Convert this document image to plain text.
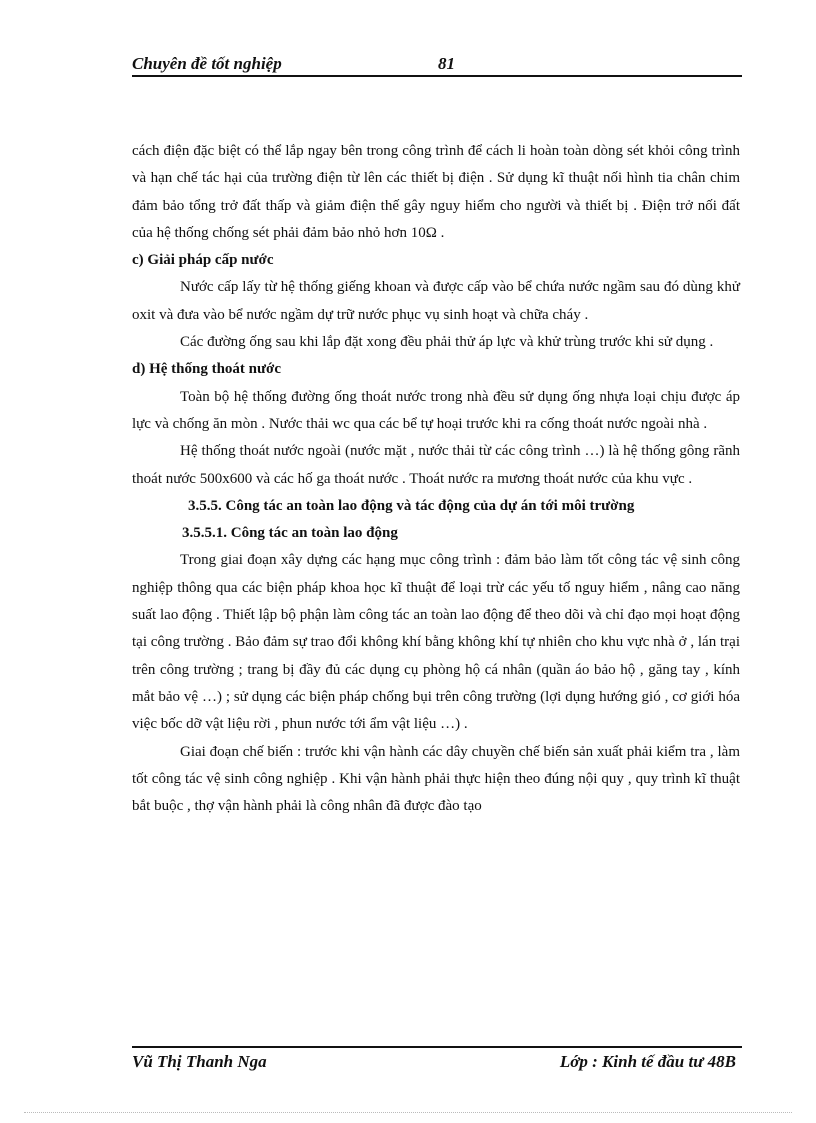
Chuyên đề tốt nghiệp	81

cách điện đặc biệt có thể lắp ngay bên trong công trình để cách li hoàn toàn dòng sét khỏi công trình và hạn chế tác hại của trường điện từ lên các thiết bị điện . Sử dụng kĩ thuật nối hình tia chân chim đảm bảo tổng trở đất thấp và giảm điện thế gây nguy hiểm cho người và thiết bị . Điện trở nối đất của hệ thống chống sét phải đảm bảo nhỏ hơn 10Ω .

c) Giải pháp cấp nước

Nước cấp lấy từ hệ thống giếng khoan và được cấp vào bể chứa nước ngầm sau đó dùng khử oxit và đưa vào bể nước ngầm dự trữ nước phục vụ sinh hoạt và chữa cháy .

Các đường ống sau khi lắp đặt xong đều phải thử áp lực và khử trùng trước khi sử dụng .

d) Hệ thống thoát nước

Toàn bộ hệ thống đường ống thoát nước trong nhà đều sử dụng ống nhựa loại chịu được áp lực và chống ăn mòn . Nước thải wc qua các bể tự hoại trước khi ra cống thoát nước ngoài nhà .

Hệ thống thoát nước ngoài (nước mặt , nước thải từ các công trình …) là hệ thống gông rãnh thoát nước 500x600 và các hố ga thoát nước . Thoát nước ra mương thoát nước của khu vực .

3.5.5. Công tác an toàn lao động và tác động của dự án tới môi trường

3.5.5.1. Công tác an toàn lao động

Trong giai đoạn xây dựng các hạng mục công trình : đảm bảo làm tốt công tác vệ sinh công nghiệp thông qua các biện pháp khoa học kĩ thuật để loại trừ các yếu tố nguy hiểm , nâng cao năng suất lao động . Thiết lập bộ phận làm công tác an toàn lao động để theo dõi và chỉ đạo mọi hoạt động tại công trường . Bảo đảm sự trao đổi không khí bằng không khí tự nhiên cho khu vực nhà ở , lán trại trên công trường ; trang bị đầy đủ các dụng cụ phòng hộ cá nhân (quần áo bảo hộ , găng tay , kính mắt bảo vệ …) ; sử dụng các biện pháp chống bụi trên công trường (lợi dụng hướng gió , cơ giới hóa việc bốc dỡ vật liệu rời , phun nước tới ẩm vật liệu …) .

Giai đoạn chế biến : trước khi vận hành các dây chuyền chế biến sản xuất phải kiểm tra , làm tốt công tác vệ sinh công nghiệp . Khi vận hành phải thực hiện theo đúng nội quy , quy trình kĩ thuật bắt buộc , thợ vận hành phải là công nhân đã được đào tạo

Vũ Thị Thanh Nga	Lớp : Kinh tế đầu tư 48B
